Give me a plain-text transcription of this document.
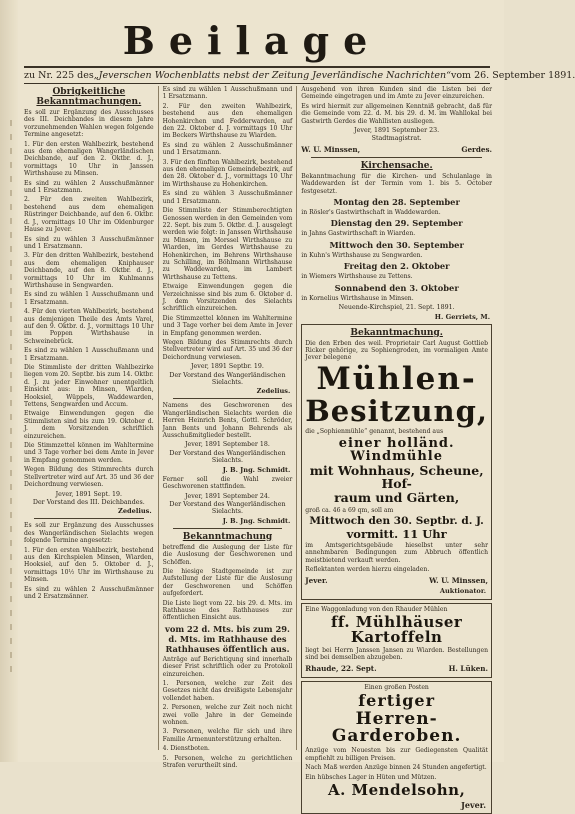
Beilage
zu Nr. 225 des „Jeverschen Wochenblatts nebst der Zeitung Jeverländische Nachrichten“ vom 26. September 1891.
Obrigkeitliche Bekanntmachungen.

Es soll zur Ergänzung des Ausschusses des III. Deichbandes in diesem Jahre vorzunehmenden Wahlen wegen folgende Termine angesetzt:

1. Für den ersten Wahlbezirk, bestehend aus dem ehemaligen Wangerländischen Deichbande, auf den 2. Oktbr. d. J., vormittags 10 Uhr in Janssen Wirthshause zu Minsen.

Es sind zu wählen 2 Ausschußmänner und 1 Ersatzmann.

2. Für den zweiten Wahlbezirk, bestehend aus dem ehemaligen Rüstringer Deichbande, auf den 6. Oktbr. d. J., vormittags 10 Uhr im Oldenburger Hause zu Jever.

Es sind zu wählen 3 Ausschußmänner und 1 Ersatzmann.

3. Für den dritten Wahlbezirk, bestehend aus dem ehemaligen Kniphauser Deichbande, auf den 8. Oktbr. d. J., vormittags 10 Uhr im Kuhlmanns Wirthshause in Sengwarden.

Es sind zu wählen 1 Ausschußmann und 1 Ersatzmann.

4. Für den vierten Wahlbezirk, bestehend aus demjenigen Theile des Amts Varel, auf den 9. Oktbr. d. J., vormittags 10 Uhr im Poppen Wirthshause in Schweinebrück.

Es sind zu wählen 1 Ausschußmann und 1 Ersatzmann.

Die Stimmliste der dritten Wahlbezirke liegen vom 20. Septbr. bis zum 14. Oktbr. d. J. zu jeder Einwohner unentgeltlich Einsicht aus: in Minsen, Wiarden, Hooksiel, Wüppels, Waddewarden, Tettens, Sengwarden und Accum.

Etwaige Einwendungen gegen die Stimmlisten sind bis zum 19. Oktober d. J. dem Vorsitzenden schriftlich einzureichen.

Die Stimmzettel können im Wahltermine und 3 Tage vorher bei dem Amte in Jever in Empfang genommen werden.

Wegen Bildung des Stimmrechts durch Stellvertreter wird auf Art. 35 und 36 der Deichordnung verwiesen.

Jever, 1891 Sept. 19.
Der Vorstand des III. Deichbandes.
Zedelius.

Es soll zur Ergänzung des Ausschusses des Wangerländischen Sielachts wegen folgende Termine angesetzt:

1. Für den ersten Wahlbezirk, bestehend aus den Kirchspielen Minsen, Wiarden, Hooksiel, auf den 5. Oktober d. J., vormittags 10½ Uhr im Wirthshause zu Minsen.

Es sind zu wählen 2 Ausschußmänner und 2 Ersatzmänner.

Es sind zu wählen 1 Ausschußmann und 1 Ersatzmann.

2. Für den zweiten Wahlbezirk, bestehend aus den ehemaligen Hohenkirchen und Fedderwarden, auf den 22. Oktober d. J. vormittags 10 Uhr im Beckers Wirthshause zu Wiarden.

Es sind zu wählen 2 Ausschußmänner und 1 Ersatzmann.

3. Für den fünften Wahlbezirk, bestehend aus den ehemaligen Gemeindebezirk, auf den 28. Oktober d. J., vormittags 10 Uhr im Wirthshause zu Hohenkirchen.

Es sind zu wählen 3 Ausschußmänner und 1 Ersatzmann.

Die Stimmliste der Stimmberechtigten Genossen werden in den Gemeinden vom 22. Sept. bis zum 5. Oktbr. d. J. ausgelegt werden wie folgt: in Janssen Wirthshause zu Minsen, im Morssel Wirthshause zu Wiarden, im Gerdes Wirthshause zu Hohenkirchen, im Behrens Wirthshause zu Schilling, im Böhlmann Wirthshause zu Waddewarden, im Lambert Wirthshause zu Tettens.

Etwaige Einwendungen gegen die Verzeichnisse sind bis zum 6. Oktober d. J. dem Vorsitzenden des Sielachts schriftlich einzureichen.

Die Stimmzettel können im Wahltermine und 3 Tage vorher bei dem Amte in Jever in Empfang genommen werden.

Wegen Bildung des Stimmrechts durch Stellvertreter wird auf Art. 35 und 36 der Deichordnung verwiesen.

Jever, 1891 Septbr. 19.
Der Vorstand des Wangerländischen Sielachts.
Zedelius.

Namens des Geschworenen des Wangerländischen Sielachts werden die Herren Heinrich Bents, Gottl. Schröder, Jann Bents und Johann Behrends als Ausschußmitglieder bestellt.

Jever, 1891 September 18.
Der Vorstand des Wangerländischen Sielachts.
J. B. Jng. Schmidt.

Ferner soll die Wahl zweier Geschworenen stattfinden.

Jever, 1891 September 24.
Der Vorstand des Wangerländischen Sielachts.
J. B. Jng. Schmidt.
Bekanntmachung

betreffend die Auslegung der Liste für die Auslosung der Geschworenen und Schöffen.

Die hiesige Stadtgemeinde ist zur Aufstellung der Liste für die Auslosung der Geschworenen und Schöffen aufgefordert.

Die Liste liegt vom 22. bis 29. d. Mts. im Rathhause des Rathhauses zur öffentlichen Einsicht aus.

vom 22 d. Mts. bis zum 29. d. Mts. im Rathhause des Rathhauses öffentlich aus.

Anträge auf Berichtigung sind innerhalb dieser Frist schriftlich oder zu Protokoll einzureichen.

1. Personen, welche zur Zeit des Gesetzes nicht das dreißigste Lebensjahr vollendet haben.

2. Personen, welche zur Zeit noch nicht zwei volle Jahre in der Gemeinde wohnen.

3. Personen, welche für sich und ihre Familie Armenunterstützung erhalten.

4. Dienstboten.

5. Personen, welche zu gerichtlichen Strafen verurtheilt sind.

Ausgehend von ihren Kunden sind die Listen bei der Gemeinde eingetragen und im Amte zu Jever einzureichen.

Es wird hiermit zur allgemeinen Kenntniß gebracht, daß für die Gemeinde vom 22. d. M. bis 29. d. M. im Wahllokal bei Gastwirth Gerdes die Wahllisten ausliegen.

Jever, 1891 September 23.
Stadtmagistrat.
W. U. Minssen,	Gerdes.
Kirchensache.

Bekanntmachung für die Kirchen- und Schulanlage in Waddewarden ist der Termin vom 1. bis 5. October festgesetzt.

Montag den 28. September

in Rösler's Gastwirthschaft in Waddewarden.

Dienstag den 29. September

in Jahns Gastwirthschaft in Wiarden.

Mittwoch den 30. September

in Kuhn's Wirthshause zu Sengwarden.

Freitag den 2. Oktober

in Wiemers Wirthshause zu Tettens.

Sonnabend den 3. Oktober

in Kornelius Wirthshause in Minsen.

Neuende-Kirchspiel, 21. Sept. 1891.
H. Gerriets, M.
Bekanntmachung.

Die den Erben des weil. Proprietair Carl August Gottlieb Ricker gehörige, zu Sophiengroden, im vormaligen Amte Jever belegene

Mühlen-
Besitzung,

die „Sophienmühle“ genannt, bestehend aus

einer holländ. Windmühle
mit Wohnhaus, Scheune, Hof-
raum und Gärten,

groß ca. 46 a 69 qm, soll am

Mittwoch den 30. Septbr. d. J.
vormitt. 11 Uhr

im Amtsgerichtsgebäude hieselbst unter sehr annehmbaren Bedingungen zum Abbruch öffentlich meistbietend verkauft werden.

Reflektanten werden hierzu eingeladen.

Jever.	W. U. Minssen,
Auktionator.

Eine Waggonladung von den Rhauder Mühlen

ff. Mühlhäuser Kartoffeln

liegt bei Herrn Janssen Jansen zu Wiarden. Bestellungen sind bei demselben abzugeben.

Rhaude, 22. Sept.	H. Lüken.

Einen großen Posten

fertiger
Herren-Garderoben.

Anzüge vom Neuesten bis zur Gediegensten Qualität empfiehlt zu billigen Preisen.

Nach Maß werden Anzüge binnen 24 Stunden angefertigt.

Ein hübsches Lager in Hüten und Mützen.

A. Mendelsohn,
Jever.
